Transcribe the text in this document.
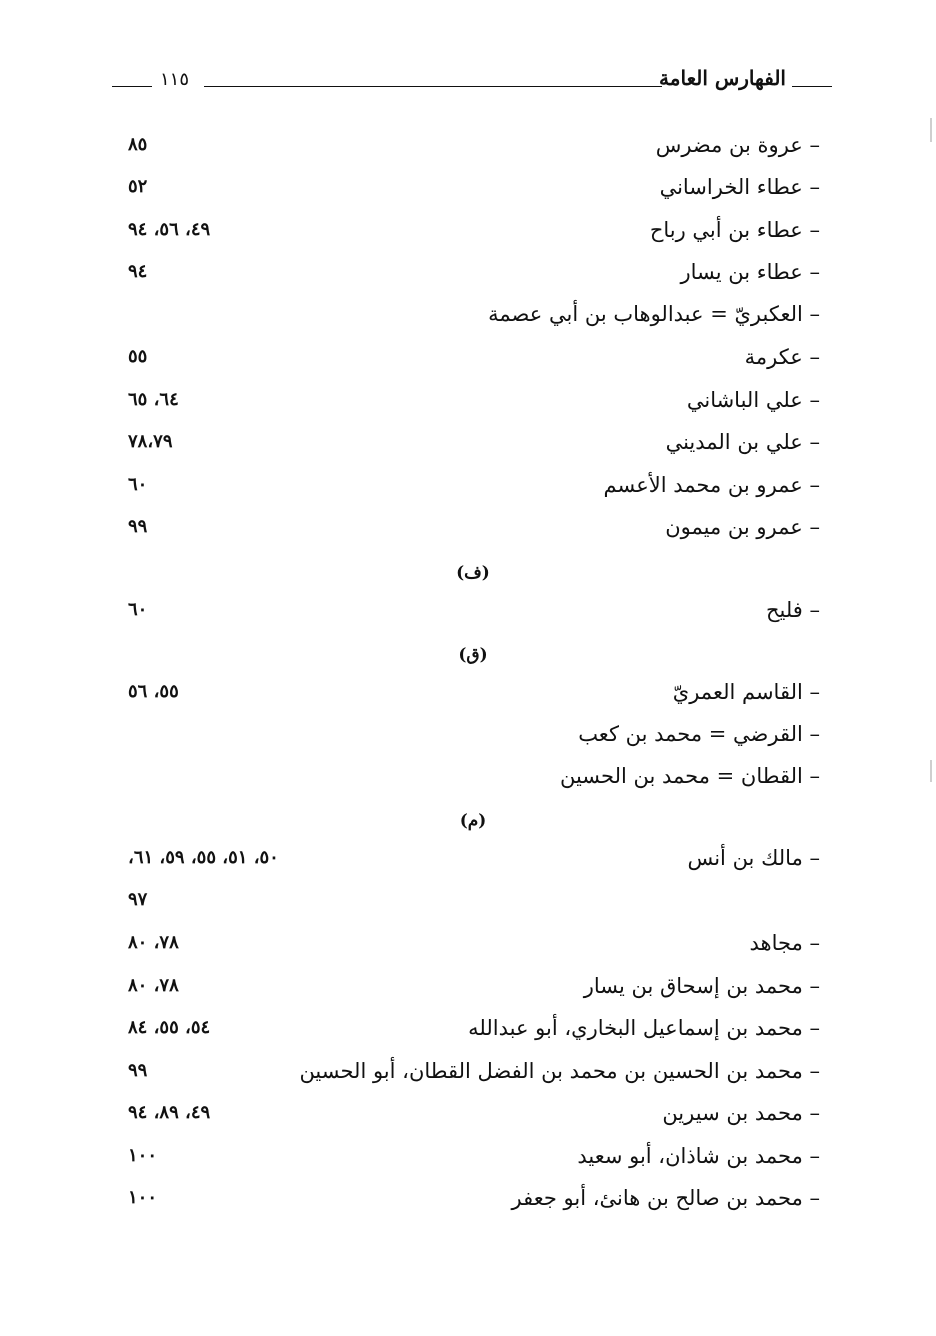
١١٥	الفهارس العامة
– عروة بن مضرس
٨٥
– عطاء الخراساني
٥٢
– عطاء بن أبي رباح
٤٩، ٥٦، ٩٤
– عطاء بن يسار
٩٤
– العكبريّ = عبدالوهاب بن أبي عصمة
– عكرمة
٥٥
– علي الباشاني
٦٤، ٦٥
– علي بن المديني
٧٨،٧٩
– عمرو بن محمد الأعسم
٦٠
– عمرو بن ميمون
٩٩
(ف)
– فليح
٦٠
(ق)
– القاسم العمريّ
٥٥، ٥٦
– القرضي = محمد بن كعب
– القطان = محمد بن الحسين
(م)
– مالك بن أنس
٥٠، ٥١، ٥٥، ٥٩، ٦١،
٩٧
– مجاهد
٧٨، ٨٠
– محمد بن إسحاق بن يسار
٧٨، ٨٠
– محمد بن إسماعيل البخاري، أبو عبدالله
٥٤، ٥٥، ٨٤
– محمد بن الحسين بن محمد بن الفضل القطان، أبو الحسين
٩٩
– محمد بن سيرين
٤٩، ٨٩، ٩٤
– محمد بن شاذان، أبو سعيد
١٠٠
– محمد بن صالح بن هانئ، أبو جعفر
١٠٠
